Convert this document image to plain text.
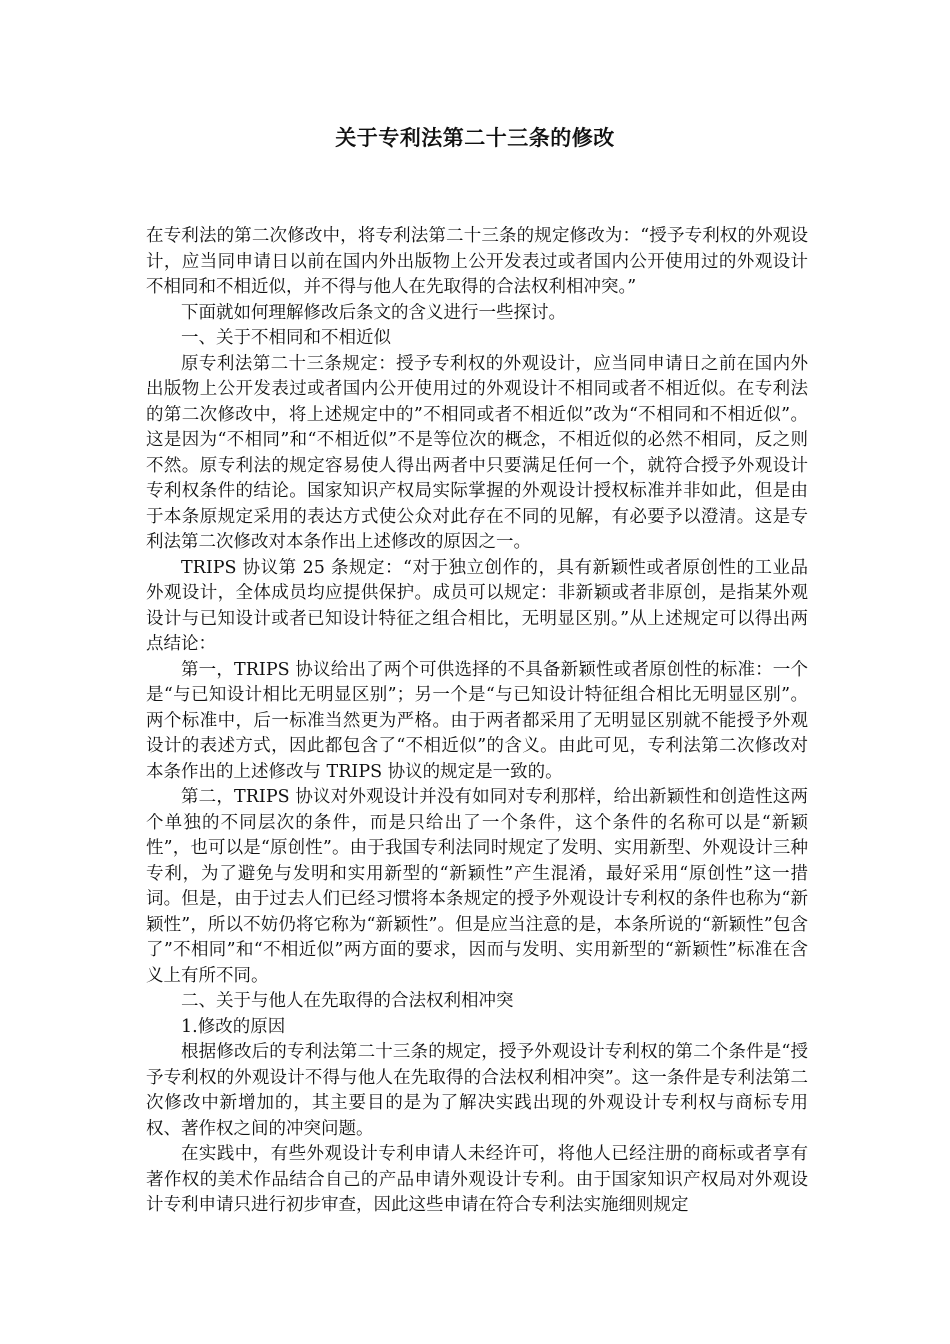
关于专利法第二十三条的修改

在专利法的第二次修改中，将专利法第二十三条的规定修改为：“授予专利权的外观设计，应当同申请日以前在国内外出版物上公开发表过或者国内公开使用过的外观设计不相同和不相近似，并不得与他人在先取得的合法权利相冲突。”

下面就如何理解修改后条文的含义进行一些探讨。

一、关于不相同和不相近似

原专利法第二十三条规定：授予专利权的外观设计，应当同申请日之前在国内外出版物上公开发表过或者国内公开使用过的外观设计不相同或者不相近似。在专利法的第二次修改中，将上述规定中的”不相同或者不相近似”改为“不相同和不相近似”。这是因为“不相同”和“不相近似”不是等位次的概念，不相近似的必然不相同，反之则不然。原专利法的规定容易使人得出两者中只要满足任何一个，就符合授予外观设计专利权条件的结论。国家知识产权局实际掌握的外观设计授权标准并非如此，但是由于本条原规定采用的表达方式使公众对此存在不同的见解，有必要予以澄清。这是专利法第二次修改对本条作出上述修改的原因之一。

TRIPS 协议第 25 条规定：“对于独立创作的，具有新颖性或者原创性的工业品外观设计，全体成员均应提供保护。成员可以规定：非新颖或者非原创，是指某外观设计与已知设计或者已知设计特征之组合相比，无明显区别。”从上述规定可以得出两点结论：

第一，TRIPS 协议给出了两个可供选择的不具备新颖性或者原创性的标准：一个是“与已知设计相比无明显区别”；另一个是“与已知设计特征组合相比无明显区别”。两个标准中，后一标准当然更为严格。由于两者都采用了无明显区别就不能授予外观设计的表述方式，因此都包含了“不相近似”的含义。由此可见，专利法第二次修改对本条作出的上述修改与 TRIPS 协议的规定是一致的。

第二，TRIPS 协议对外观设计并没有如同对专利那样，给出新颖性和创造性这两个单独的不同层次的条件，而是只给出了一个条件，这个条件的名称可以是“新颖性”，也可以是“原创性”。由于我国专利法同时规定了发明、实用新型、外观设计三种专利，为了避免与发明和实用新型的“新颖性”产生混淆，最好采用“原创性”这一措词。但是，由于过去人们已经习惯将本条规定的授予外观设计专利权的条件也称为“新颖性”，所以不妨仍将它称为“新颖性”。但是应当注意的是，本条所说的“新颖性”包含了”不相同”和“不相近似”两方面的要求，因而与发明、实用新型的“新颖性”标准在含义上有所不同。

二、关于与他人在先取得的合法权利相冲突

1.修改的原因

根据修改后的专利法第二十三条的规定，授予外观设计专利权的第二个条件是“授予专利权的外观设计不得与他人在先取得的合法权利相冲突”。这一条件是专利法第二次修改中新增加的，其主要目的是为了解决实践出现的外观设计专利权与商标专用权、著作权之间的冲突问题。

在实践中，有些外观设计专利申请人未经许可，将他人已经注册的商标或者享有著作权的美术作品结合自己的产品申请外观设计专利。由于国家知识产权局对外观设计专利申请只进行初步审查，因此这些申请在符合专利法实施细则规定
